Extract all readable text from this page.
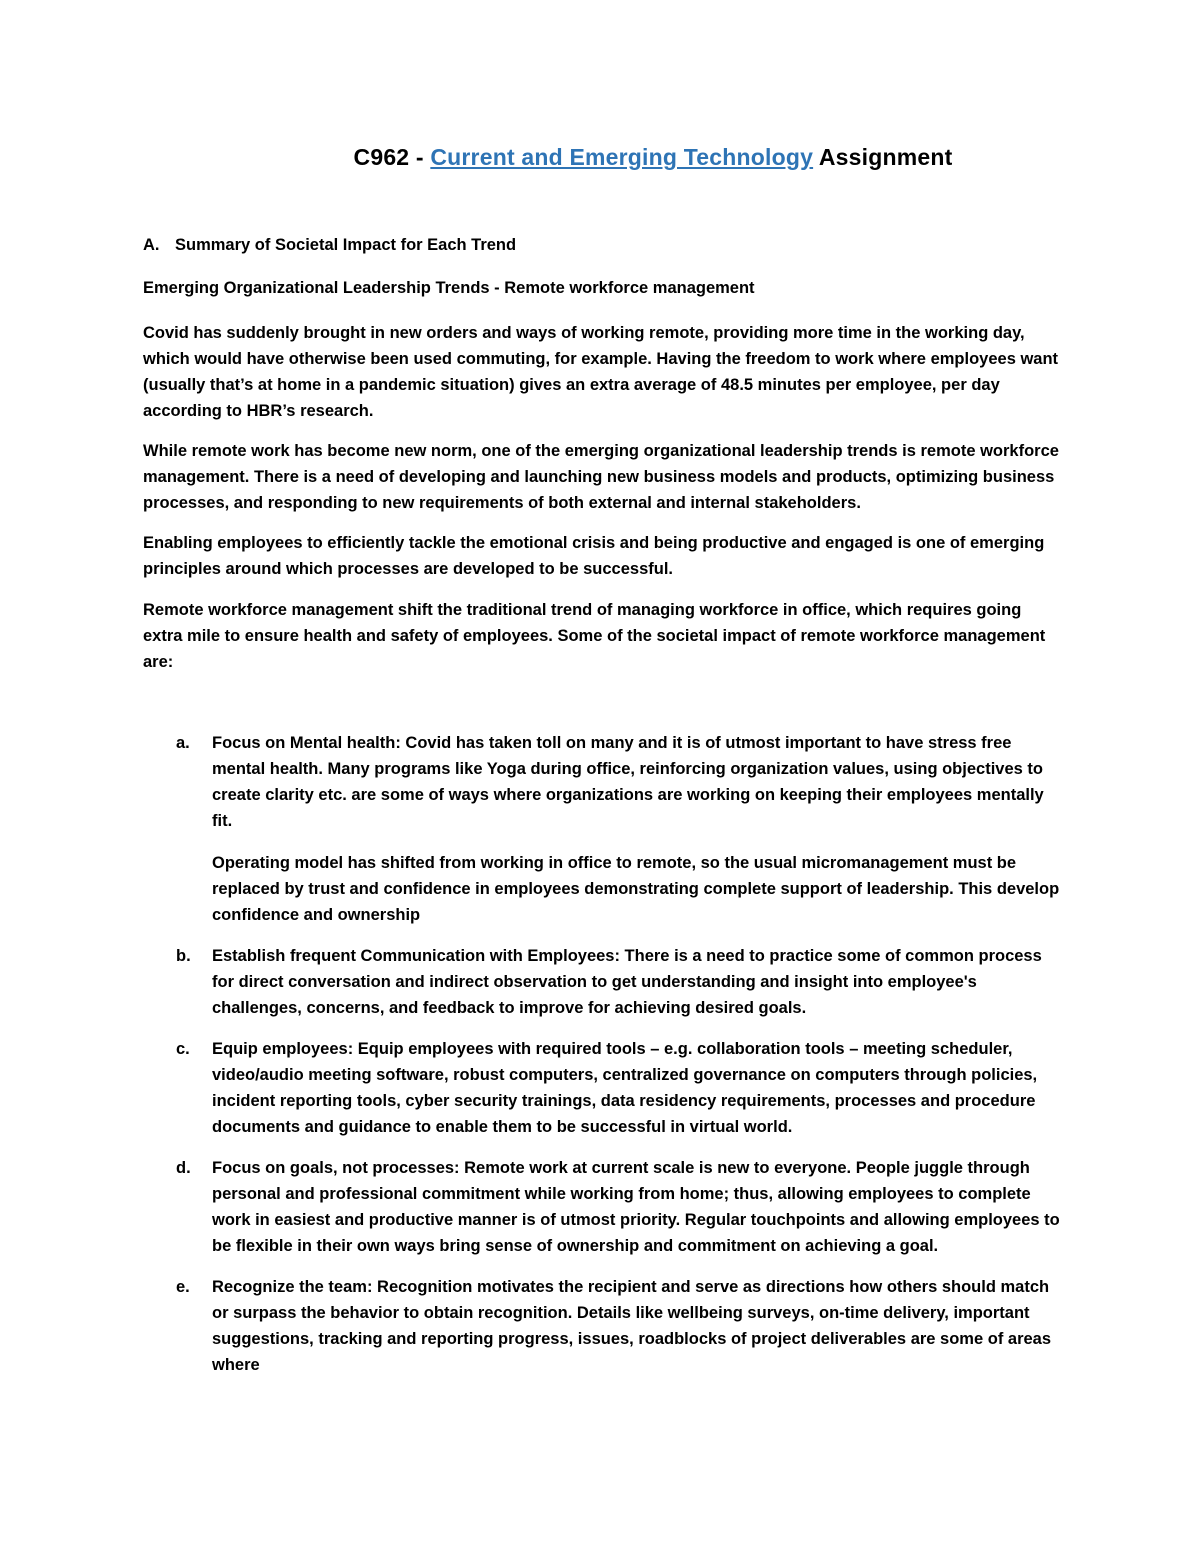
C962 - Current and Emerging Technology Assignment
A. Summary of Societal Impact for Each Trend
Emerging Organizational Leadership Trends - Remote workforce management
Covid has suddenly brought in new orders and ways of working remote, providing more time in the working day, which would have otherwise been used commuting, for example. Having the freedom to work where employees want (usually that’s at home in a pandemic situation) gives an extra average of 48.5 minutes per employee, per day according to HBR’s research.
While remote work has become new norm, one of the emerging organizational leadership trends is remote workforce management. There is a need of developing and launching new business models and products, optimizing business processes, and responding to new requirements of both external and internal stakeholders.
Enabling employees to efficiently tackle the emotional crisis and being productive and engaged is one of emerging principles around which processes are developed to be successful.
Remote workforce management shift the traditional trend of managing workforce in office, which requires going extra mile to ensure health and safety of employees. Some of the societal impact of remote workforce management are:
a. Focus on Mental health: Covid has taken toll on many and it is of utmost important to have stress free mental health. Many programs like Yoga during office, reinforcing organization values, using objectives to create clarity etc. are some of ways where organizations are working on keeping their employees mentally fit.
Operating model has shifted from working in office to remote, so the usual micromanagement must be replaced by trust and confidence in employees demonstrating complete support of leadership. This develop confidence and ownership
b. Establish frequent Communication with Employees: There is a need to practice some of common process for direct conversation and indirect observation to get understanding and insight into employee's challenges, concerns, and feedback to improve for achieving desired goals.
c. Equip employees: Equip employees with required tools – e.g. collaboration tools – meeting scheduler, video/audio meeting software, robust computers, centralized governance on computers through policies, incident reporting tools, cyber security trainings, data residency requirements, processes and procedure documents and guidance to enable them to be successful in virtual world.
d. Focus on goals, not processes: Remote work at current scale is new to everyone. People juggle through personal and professional commitment while working from home; thus, allowing employees to complete work in easiest and productive manner is of utmost priority. Regular touchpoints and allowing employees to be flexible in their own ways bring sense of ownership and commitment on achieving a goal.
e. Recognize the team: Recognition motivates the recipient and serve as directions how others should match or surpass the behavior to obtain recognition. Details like wellbeing surveys, on-time delivery, important suggestions, tracking and reporting progress, issues, roadblocks of project deliverables are some of areas where
